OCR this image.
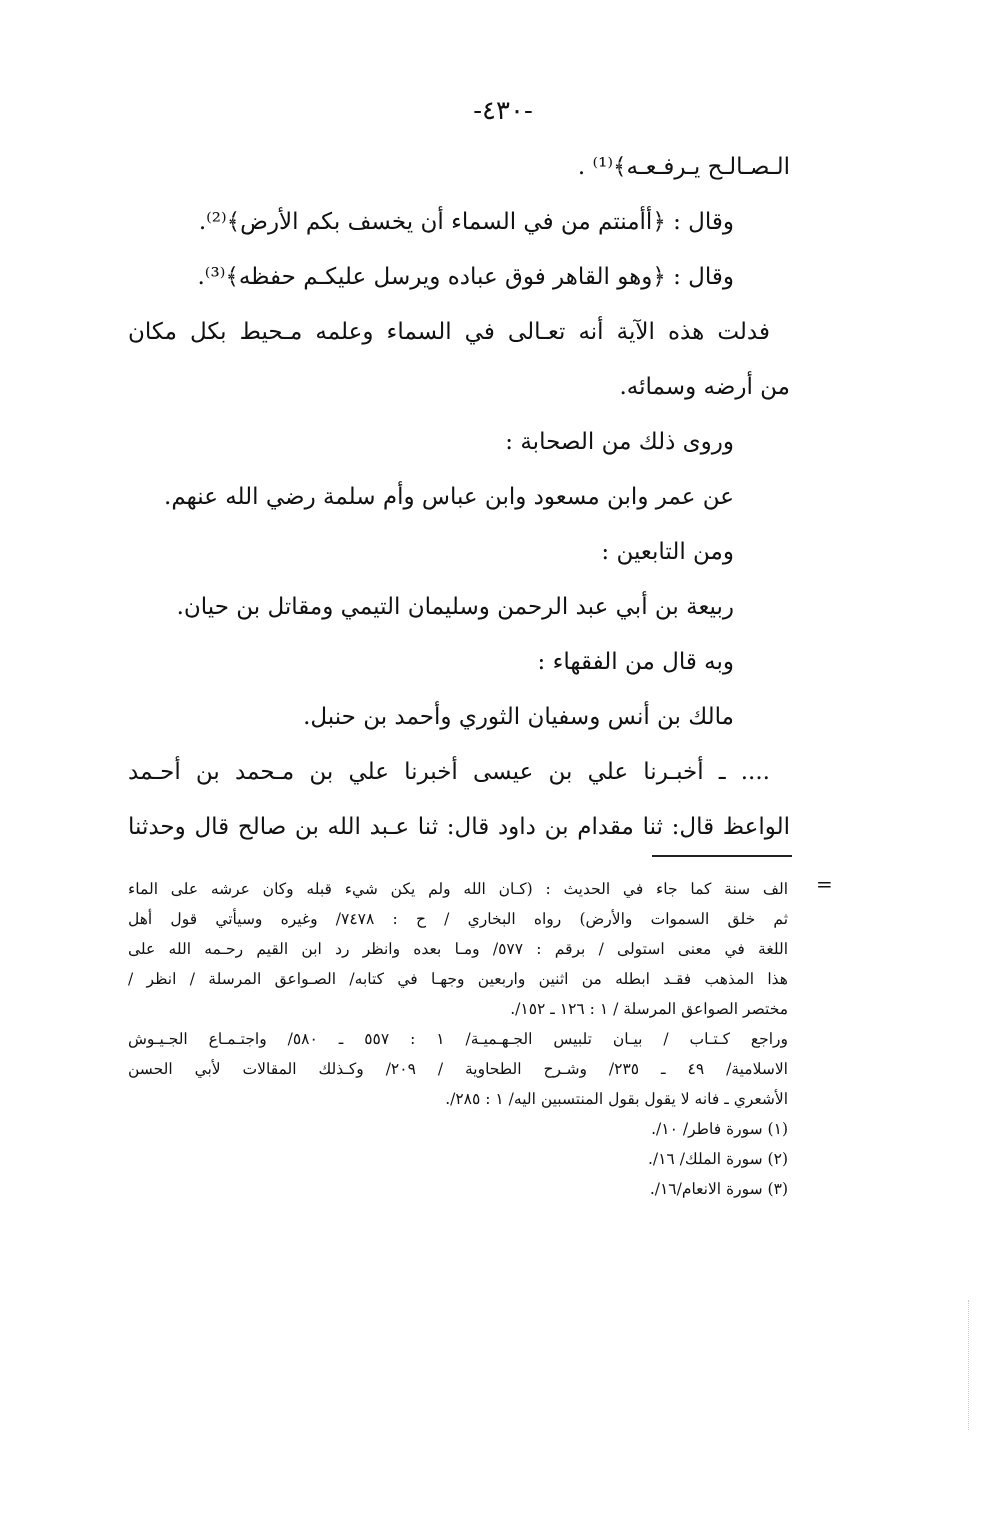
-٤٣٠-

الـصـالـح يـرفـعـه﴾⁽¹⁾ .

وقال : ﴿أأمنتم من في السماء أن يخسف بكم الأرض﴾⁽²⁾.

وقال : ﴿وهو القاهر فوق عباده ويرسل عليكـم حفظه﴾⁽³⁾.

فدلت هذه الآية أنه تعـالى في السماء وعلمه مـحيط بكل مكان

من أرضه وسمائه.

وروى ذلك من الصحابة :

عن عمر وابن مسعود وابن عباس وأم سلمة رضي الله عنهم.

ومن التابعين :

ربيعة بن أبي عبد الرحمن وسليمان التيمي ومقاتل بن حيان.

وبه قال من الفقهاء :

مالك بن أنس وسفيان الثوري وأحمد بن حنبل.

.... ـ أخبـرنا علي بن عيسى أخبرنا علي بن مـحمد بن أحـمد

الواعظ قال: ثنا مقدام بن داود قال: ثنا عـبد الله بن صالح قال وحدثنا

=

الف سنة كما جاء في الحديث : (كـان الله ولم يكن شيء قبله وكان عرشه على الماء

ثم خلق السموات والأرض) رواه البخاري / ح : ٧٤٧٨/ وغيره وسيأتي قول أهل

اللغة في معنى استولى / برقم : ٥٧٧/ ومـا بعده وانظر رد ابن القيم رحـمه الله على

هذا المذهب فقـد ابطله من اثنين واربعين وجهـا في كتابه/ الصـواعق المرسلة / انظر /

مختصر الصواعق المرسلة / ١ : ١٢٦ ـ ١٥٢/.

وراجع كـتـاب / بيـان تلبيس الجـهـميـة/ ١ : ٥٥٧ ـ ٥٨٠/ واجتـمـاع الجـيـوش

الاسلامية/ ٤٩ ـ ٢٣٥/ وشـرح الطحاوية / ٢٠٩/ وكـذلك المقالات لأبي الحسن

الأشعري ـ فانه لا يقول بقول المنتسبين اليه/ ١ : ٢٨٥/.

(١) سورة فاطر/ ١٠/.

(٢) سورة الملك/ ١٦/.

(٣) سورة الانعام/١٦/.
